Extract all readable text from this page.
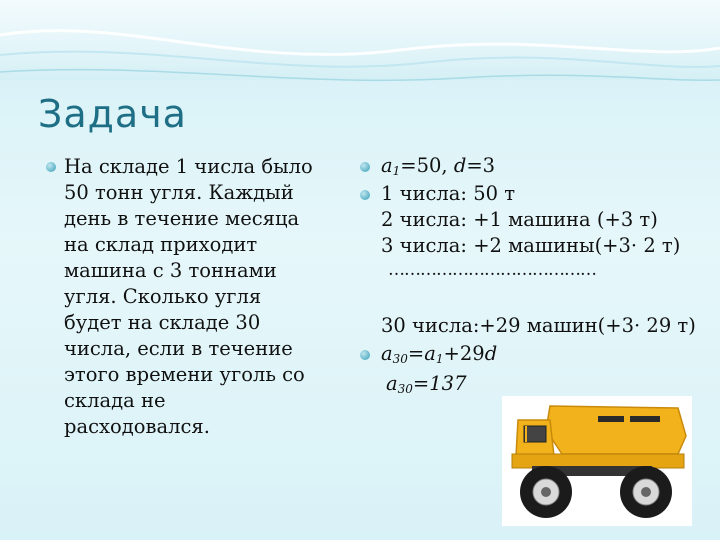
Задача
На складе 1 числа было 50 тонн угля. Каждый день в течение месяца на склад приходит машина с 3 тоннами угля. Сколько угля будет на складе 30 числа, если в течение этого времени уголь со склада не расходовался.
$a_1=50$, d=3
1 числа: 50 т
2 числа: +1 машина (+3 т)
3 числа: +2 машины(+3· 2 т)
…………………………………
30 числа:+29 машин(+3· 29 т)
$a_{30}=a_1+29d$
$a_{30}=137$
